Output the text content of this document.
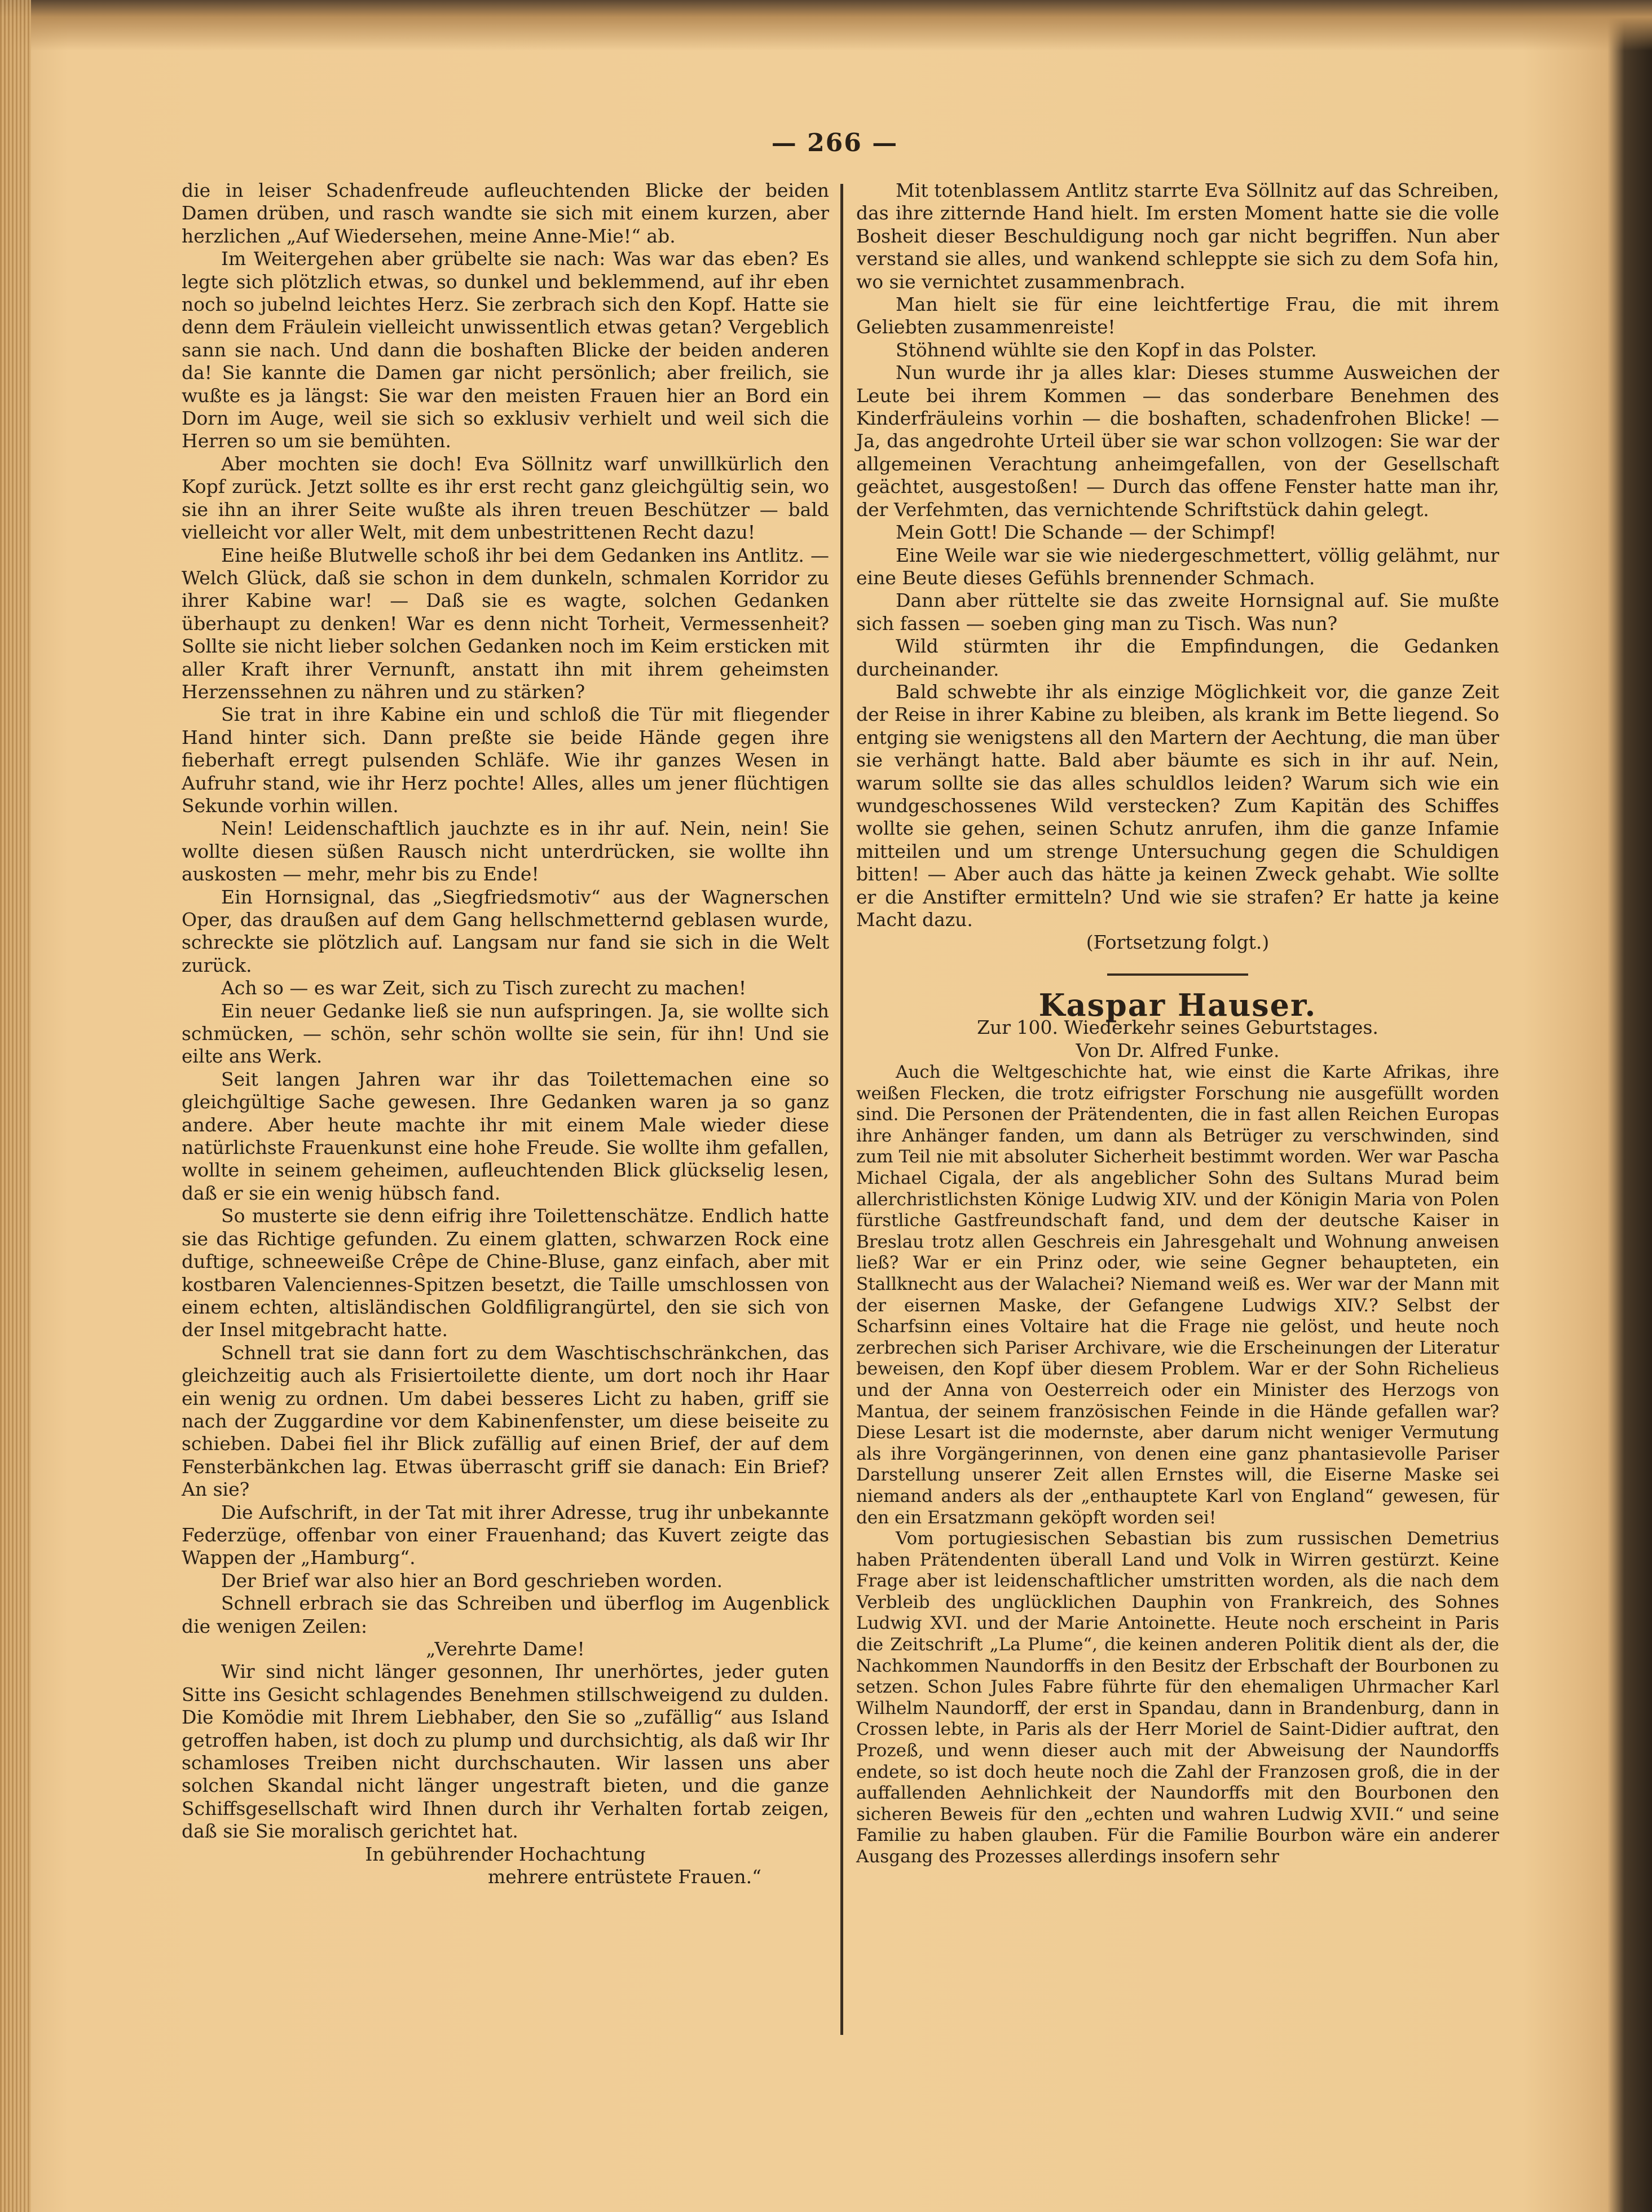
— 266 —

die in leiser Schadenfreude aufleuchtenden Blicke der beiden Damen drüben, und rasch wandte sie sich mit einem kurzen, aber herzlichen „Auf Wiedersehen, meine Anne-Mie!“ ab.

Im Weitergehen aber grübelte sie nach: Was war das eben? Es legte sich plötzlich etwas, so dunkel und beklemmend, auf ihr eben noch so jubelnd leichtes Herz. Sie zerbrach sich den Kopf. Hatte sie denn dem Fräulein vielleicht unwissentlich etwas getan? Vergeblich sann sie nach. Und dann die boshaften Blicke der beiden anderen da! Sie kannte die Damen gar nicht persönlich; aber freilich, sie wußte es ja längst: Sie war den meisten Frauen hier an Bord ein Dorn im Auge, weil sie sich so exklusiv verhielt und weil sich die Herren so um sie bemühten.

Aber mochten sie doch! Eva Söllnitz warf unwillkürlich den Kopf zurück. Jetzt sollte es ihr erst recht ganz gleichgültig sein, wo sie ihn an ihrer Seite wußte als ihren treuen Beschützer — bald vielleicht vor aller Welt, mit dem unbestrittenen Recht dazu!

Eine heiße Blutwelle schoß ihr bei dem Gedanken ins Antlitz. — Welch Glück, daß sie schon in dem dunkeln, schmalen Korridor zu ihrer Kabine war! — Daß sie es wagte, solchen Gedanken überhaupt zu denken! War es denn nicht Torheit, Vermessenheit? Sollte sie nicht lieber solchen Gedanken noch im Keim ersticken mit aller Kraft ihrer Vernunft, anstatt ihn mit ihrem geheimsten Herzenssehnen zu nähren und zu stärken?

Sie trat in ihre Kabine ein und schloß die Tür mit fliegender Hand hinter sich. Dann preßte sie beide Hände gegen ihre fieberhaft erregt pulsenden Schläfe. Wie ihr ganzes Wesen in Aufruhr stand, wie ihr Herz pochte! Alles, alles um jener flüchtigen Sekunde vorhin willen.

Nein! Leidenschaftlich jauchzte es in ihr auf. Nein, nein! Sie wollte diesen süßen Rausch nicht unterdrücken, sie wollte ihn auskosten — mehr, mehr bis zu Ende!

Ein Hornsignal, das „Siegfriedsmotiv“ aus der Wagnerschen Oper, das draußen auf dem Gang hellschmetternd geblasen wurde, schreckte sie plötzlich auf. Langsam nur fand sie sich in die Welt zurück.

Ach so — es war Zeit, sich zu Tisch zurecht zu machen!

Ein neuer Gedanke ließ sie nun aufspringen. Ja, sie wollte sich schmücken, — schön, sehr schön wollte sie sein, für ihn! Und sie eilte ans Werk.

Seit langen Jahren war ihr das Toilettemachen eine so gleichgültige Sache gewesen. Ihre Gedanken waren ja so ganz andere. Aber heute machte ihr mit einem Male wieder diese natürlichste Frauenkunst eine hohe Freude. Sie wollte ihm gefallen, wollte in seinem geheimen, aufleuchtenden Blick glückselig lesen, daß er sie ein wenig hübsch fand.

So musterte sie denn eifrig ihre Toilettenschätze. Endlich hatte sie das Richtige gefunden. Zu einem glatten, schwarzen Rock eine duftige, schneeweiße Crêpe de Chine-Bluse, ganz einfach, aber mit kostbaren Valenciennes-Spitzen besetzt, die Taille umschlossen von einem echten, altisländischen Goldfiligrangürtel, den sie sich von der Insel mitgebracht hatte.

Schnell trat sie dann fort zu dem Waschtischschränkchen, das gleichzeitig auch als Frisiertoilette diente, um dort noch ihr Haar ein wenig zu ordnen. Um dabei besseres Licht zu haben, griff sie nach der Zuggardine vor dem Kabinenfenster, um diese beiseite zu schieben. Dabei fiel ihr Blick zufällig auf einen Brief, der auf dem Fensterbänkchen lag. Etwas überrascht griff sie danach: Ein Brief? An sie?

Die Aufschrift, in der Tat mit ihrer Adresse, trug ihr unbekannte Federzüge, offenbar von einer Frauenhand; das Kuvert zeigte das Wappen der „Hamburg“.

Der Brief war also hier an Bord geschrieben worden.

Schnell erbrach sie das Schreiben und überflog im Augenblick die wenigen Zeilen:

„Verehrte Dame!

Wir sind nicht länger gesonnen, Ihr unerhörtes, jeder guten Sitte ins Gesicht schlagendes Benehmen stillschweigend zu dulden. Die Komödie mit Ihrem Liebhaber, den Sie so „zufällig“ aus Island getroffen haben, ist doch zu plump und durchsichtig, als daß wir Ihr schamloses Treiben nicht durchschauten. Wir lassen uns aber solchen Skandal nicht länger ungestraft bieten, und die ganze Schiffsgesellschaft wird Ihnen durch ihr Verhalten fortab zeigen, daß sie Sie moralisch gerichtet hat.

In gebührender Hochachtung

mehrere entrüstete Frauen.“

Mit totenblassem Antlitz starrte Eva Söllnitz auf das Schreiben, das ihre zitternde Hand hielt. Im ersten Moment hatte sie die volle Bosheit dieser Beschuldigung noch gar nicht begriffen. Nun aber verstand sie alles, und wankend schleppte sie sich zu dem Sofa hin, wo sie vernichtet zusammenbrach.

Man hielt sie für eine leichtfertige Frau, die mit ihrem Geliebten zusammenreiste!

Stöhnend wühlte sie den Kopf in das Polster.

Nun wurde ihr ja alles klar: Dieses stumme Ausweichen der Leute bei ihrem Kommen — das sonderbare Benehmen des Kinderfräuleins vorhin — die boshaften, schadenfrohen Blicke! — Ja, das angedrohte Urteil über sie war schon vollzogen: Sie war der allgemeinen Verachtung anheimgefallen, von der Gesellschaft geächtet, ausgestoßen! — Durch das offene Fenster hatte man ihr, der Verfehmten, das vernichtende Schriftstück dahin gelegt.

Mein Gott! Die Schande — der Schimpf!

Eine Weile war sie wie niedergeschmettert, völlig gelähmt, nur eine Beute dieses Gefühls brennender Schmach.

Dann aber rüttelte sie das zweite Hornsignal auf. Sie mußte sich fassen — soeben ging man zu Tisch. Was nun?

Wild stürmten ihr die Empfindungen, die Gedanken durcheinander.

Bald schwebte ihr als einzige Möglichkeit vor, die ganze Zeit der Reise in ihrer Kabine zu bleiben, als krank im Bette liegend. So entging sie wenigstens all den Martern der Aechtung, die man über sie verhängt hatte. Bald aber bäumte es sich in ihr auf. Nein, warum sollte sie das alles schuldlos leiden? Warum sich wie ein wundgeschossenes Wild verstecken? Zum Kapitän des Schiffes wollte sie gehen, seinen Schutz anrufen, ihm die ganze Infamie mitteilen und um strenge Untersuchung gegen die Schuldigen bitten! — Aber auch das hätte ja keinen Zweck gehabt. Wie sollte er die Anstifter ermitteln? Und wie sie strafen? Er hatte ja keine Macht dazu.

(Fortsetzung folgt.)

Kaspar Hauser.

Zur 100. Wiederkehr seines Geburtstages.

Von Dr. Alfred Funke.

Auch die Weltgeschichte hat, wie einst die Karte Afrikas, ihre weißen Flecken, die trotz eifrigster Forschung nie ausgefüllt worden sind. Die Personen der Prätendenten, die in fast allen Reichen Europas ihre Anhänger fanden, um dann als Betrüger zu verschwinden, sind zum Teil nie mit absoluter Sicherheit bestimmt worden. Wer war Pascha Michael Cigala, der als angeblicher Sohn des Sultans Murad beim allerchristlichsten Könige Ludwig XIV. und der Königin Maria von Polen fürstliche Gastfreundschaft fand, und dem der deutsche Kaiser in Breslau trotz allen Geschreis ein Jahresgehalt und Wohnung anweisen ließ? War er ein Prinz oder, wie seine Gegner behaupteten, ein Stallknecht aus der Walachei? Niemand weiß es. Wer war der Mann mit der eisernen Maske, der Gefangene Ludwigs XIV.? Selbst der Scharfsinn eines Voltaire hat die Frage nie gelöst, und heute noch zerbrechen sich Pariser Archivare, wie die Erscheinungen der Literatur beweisen, den Kopf über diesem Problem. War er der Sohn Richelieus und der Anna von Oesterreich oder ein Minister des Herzogs von Mantua, der seinem französischen Feinde in die Hände gefallen war? Diese Lesart ist die modernste, aber darum nicht weniger Vermutung als ihre Vorgängerinnen, von denen eine ganz phantasievolle Pariser Darstellung unserer Zeit allen Ernstes will, die Eiserne Maske sei niemand anders als der „enthauptete Karl von England“ gewesen, für den ein Ersatzmann geköpft worden sei!

Vom portugiesischen Sebastian bis zum russischen Demetrius haben Prätendenten überall Land und Volk in Wirren gestürzt. Keine Frage aber ist leidenschaftlicher umstritten worden, als die nach dem Verbleib des unglücklichen Dauphin von Frankreich, des Sohnes Ludwig XVI. und der Marie Antoinette. Heute noch erscheint in Paris die Zeitschrift „La Plume“, die keinen anderen Politik dient als der, die Nachkommen Naundorffs in den Besitz der Erbschaft der Bourbonen zu setzen. Schon Jules Fabre führte für den ehemaligen Uhrmacher Karl Wilhelm Naundorff, der erst in Spandau, dann in Brandenburg, dann in Crossen lebte, in Paris als der Herr Moriel de Saint-Didier auftrat, den Prozeß, und wenn dieser auch mit der Abweisung der Naundorffs endete, so ist doch heute noch die Zahl der Franzosen groß, die in der auffallenden Aehnlichkeit der Naundorffs mit den Bourbonen den sicheren Beweis für den „echten und wahren Ludwig XVII.“ und seine Familie zu haben glauben. Für die Familie Bourbon wäre ein anderer Ausgang des Prozesses allerdings insofern sehr
